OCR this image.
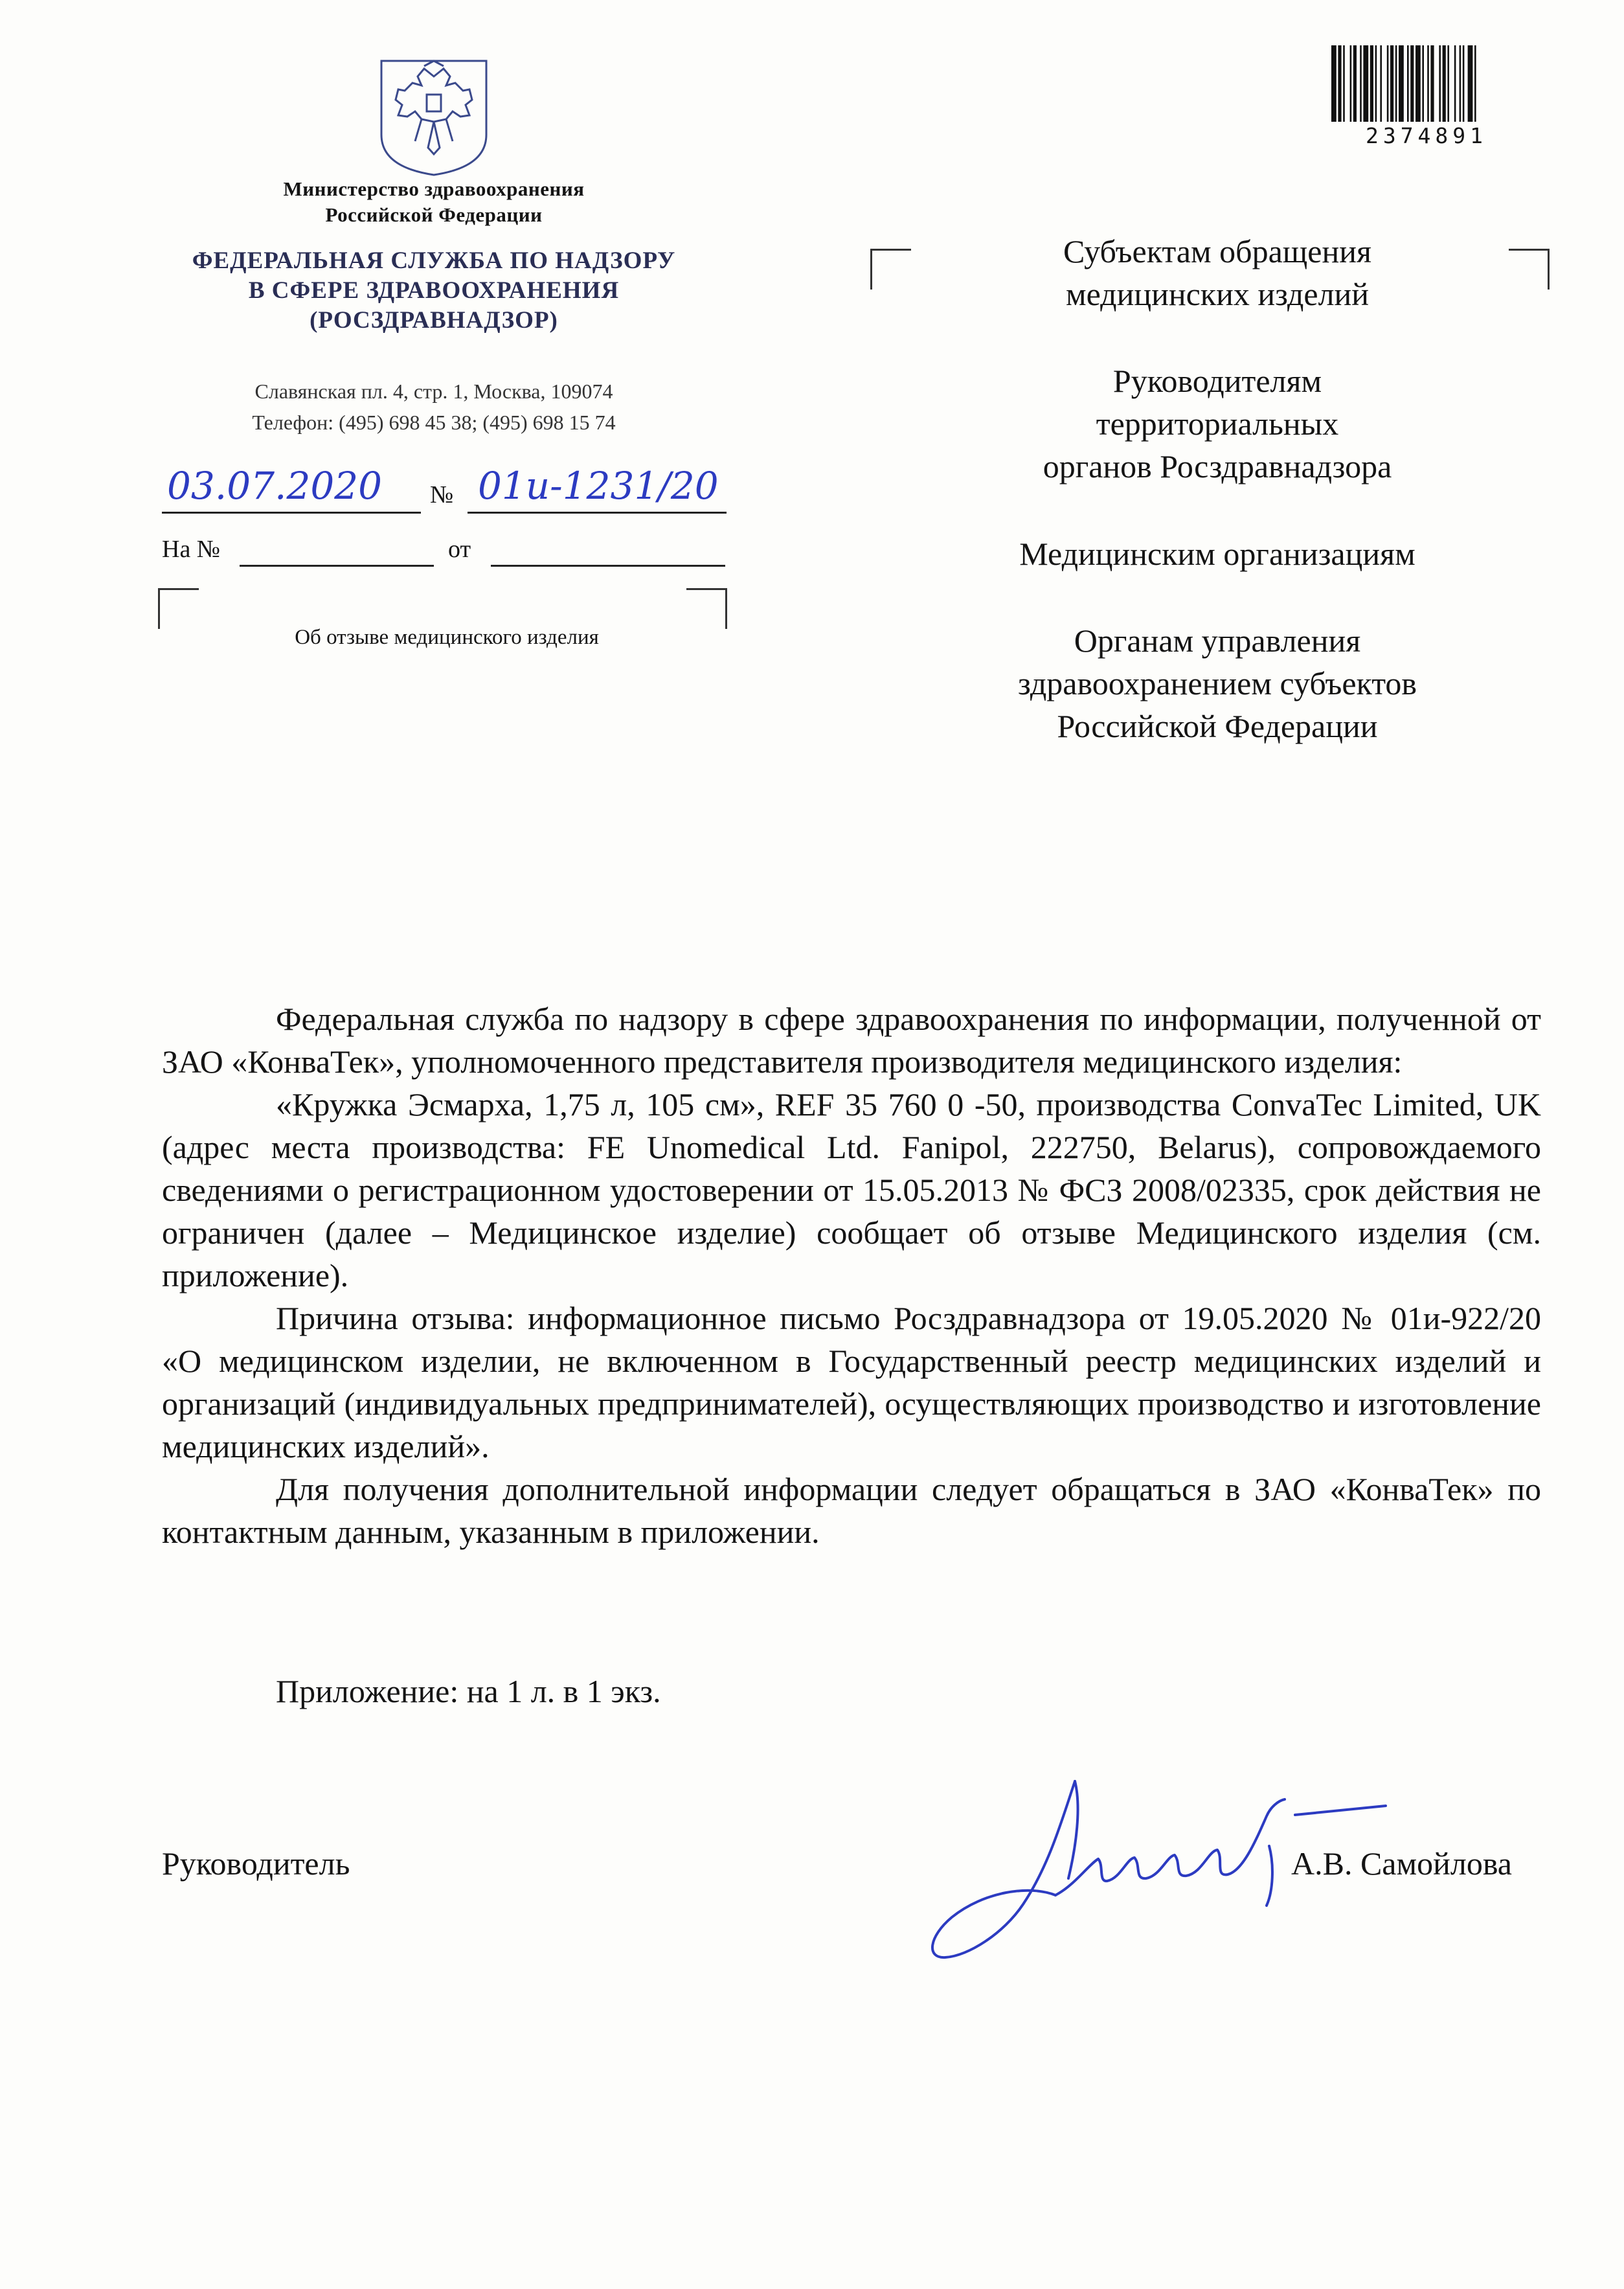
Министерство здравоохранения
Российской Федерации
ФЕДЕРАЛЬНАЯ СЛУЖБА ПО НАДЗОРУ
В СФЕРЕ ЗДРАВООХРАНЕНИЯ
(РОСЗДРАВНАДЗОР)
Славянская пл. 4, стр. 1, Москва, 109074
Телефон: (495) 698 45 38; (495) 698 15 74
03.07.2020 № 01и-1231/20
На №	от
Об отзыве медицинского изделия
2374891
Субъектам обращения
медицинских изделий
Руководителям
территориальных
органов Росздравнадзора
Медицинским организациям
Органам управления
здравоохранением субъектов
Российской Федерации

Федеральная служба по надзору в сфере здравоохранения по информации, полученной от ЗАО «КонваТек», уполномоченного представителя производителя медицинского изделия:

«Кружка Эсмарха, 1,75 л, 105 см», REF 35 760 0 -50, производства ConvaTec Limited, UK (адрес места производства: FE Unomedical Ltd. Fanipol, 222750, Belarus), сопровождаемого сведениями о регистрационном удостоверении от 15.05.2013 № ФСЗ 2008/02335, срок действия не ограничен (далее – Медицинское изделие) сообщает об отзыве Медицинского изделия (см. приложение).

Причина отзыва: информационное письмо Росздравнадзора от 19.05.2020 № 01и-922/20 «О медицинском изделии, не включенном в Государственный реестр медицинских изделий и организаций (индивидуальных предпринимателей), осуществляющих производство и изготовление медицинских изделий».

Для получения дополнительной информации следует обращаться в ЗАО «КонваТек» по контактным данным, указанным в приложении.

Приложение: на 1 л. в 1 экз.
Руководитель	А.В. Самойлова
